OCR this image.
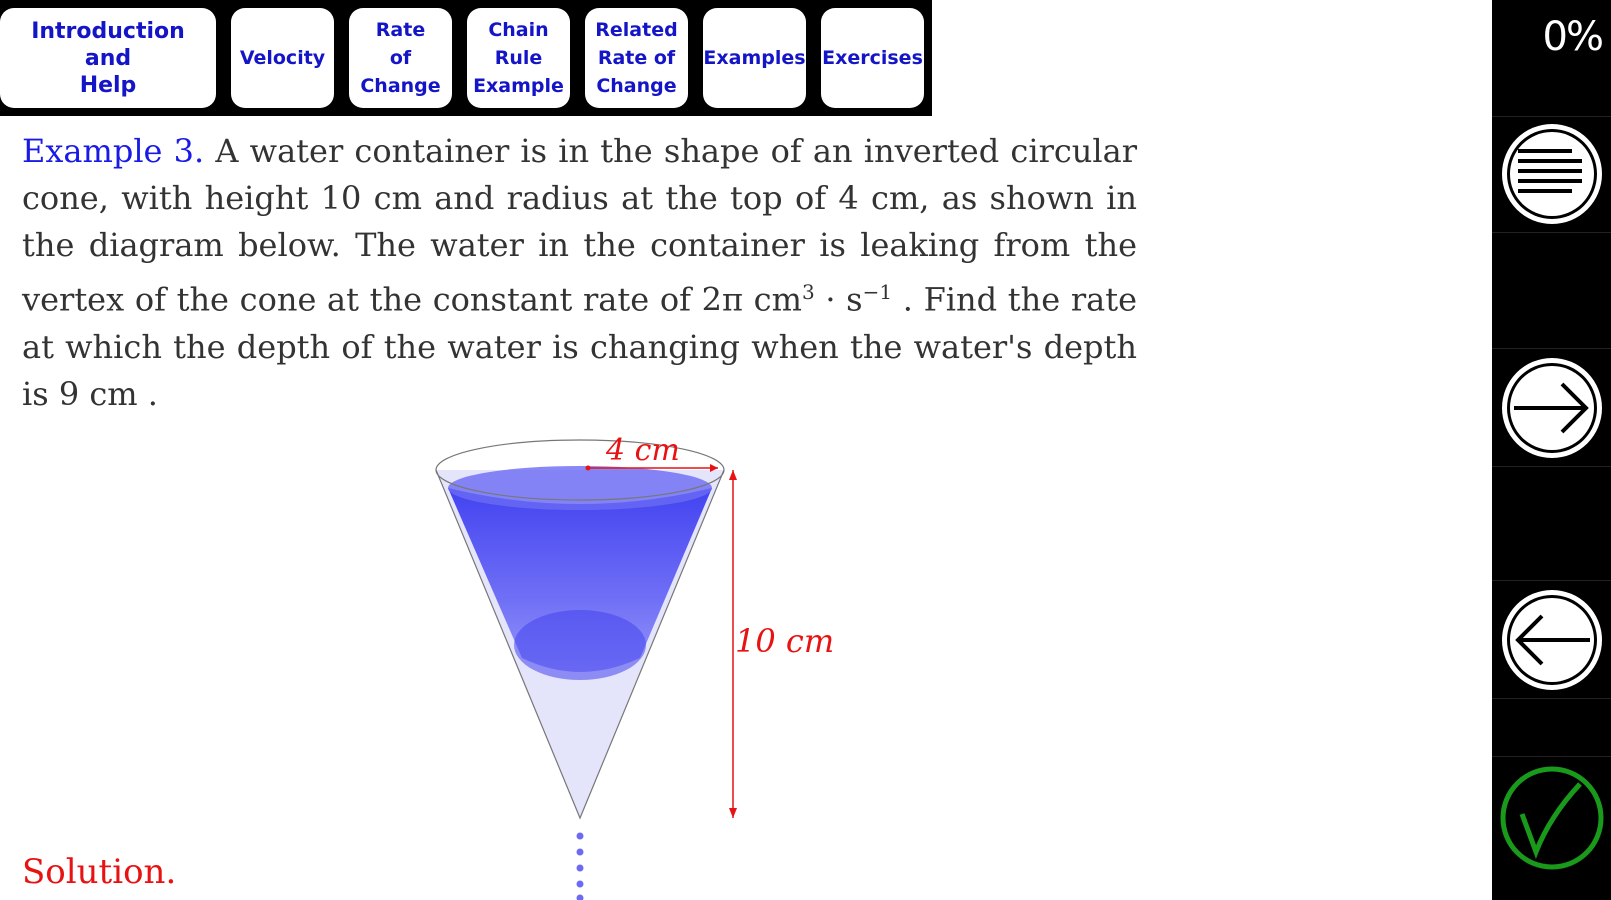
Introduction
and
Help
Velocity
Rate
of
Change
Chain
Rule
Example
Related
Rate of
Change
Examples Exercises
Example 3. A water container is in the shape of an inverted circular cone, with height 10 cm and radius at the top of 4 cm, as shown in the diagram below. The water in the container is leaking from the vertex of the cone at the constant rate of 2π $cm^3 \cdot s^{-1}$ . Find the rate at which the depth of the water is changing when the water's depth is 9 cm .
4 cm
10 cm
Solution.
0%
